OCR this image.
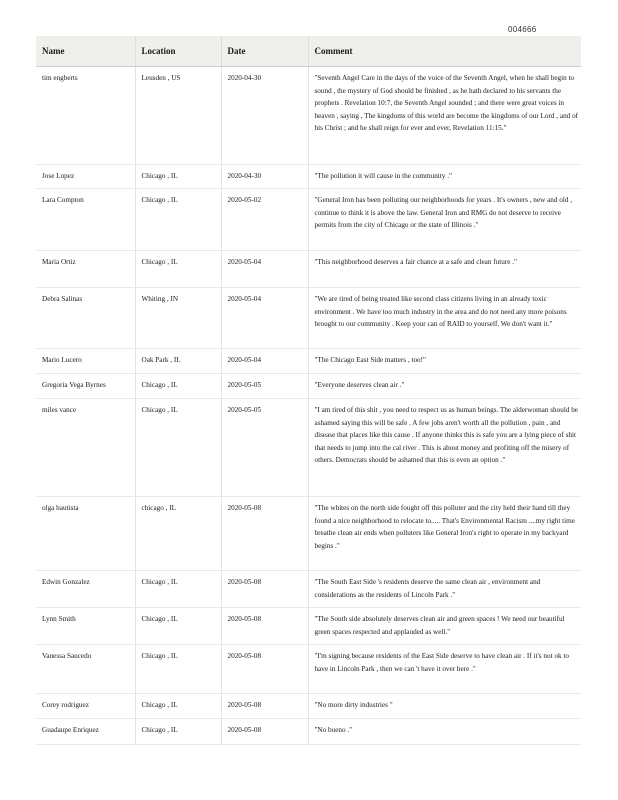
004666
Name	Location	Date	Comment
tim engberts	Leusden , US	2020-04-30	"Seventh Angel Care in the days of the voice of the Seventh Angel, when he shall begin to sound , the mystery of God should be finished , as he hath declared to his servants the prophets . Revelation 10:7, the Seventh Angel sounded ; and there were great voices in heaven , saying , The kingdoms of this world are become the kingdoms of our Lord , and of his Christ ; and he shall reign for ever and ever, Revelation 11:15."

Jose Lopez	Chicago , IL	2020-04-30	"The pollution it will cause in the community ."

Lara Compton	Chicago , IL	2020-05-02	"General Iron has been polluting our neighborhoods for years . It's owners , new and old , continue to think it is above the law. General Iron and RMG do not deserve to receive permits from the city of Chicago or the state of Illinois ."

Maria Ortiz	Chicago , IL	2020-05-04	"This neighborhood deserves a fair chance at a safe and clean future ."

Debra Salinas	Whiting , IN	2020-05-04	"We are tired of being treated like second class citizens living in an already toxic environment . We have too much industry in the area and do not need any more poisons brought to our community . Keep your can of RAID to yourself. We don't want it."

Mario Lucero	Oak Park , IL	2020-05-04	"The Chicago East Side matters , too!"

Gregoria Vega Byrnes	Chicago , IL	2020-05-05	"Everyone deserves clean air ."

miles vance	Chicago , IL	2020-05-05	"I am tired of this shit , you need to respect us as human beings. The alderwoman should be ashamed saying this will be safe . A few jobs aren't worth all the pollution , pain , and disease that places like this cause . If anyone thinks this is safe you are a lying piece of shit that needs to jump into the cal river . This is about money and profiting off the misery of others. Democrats should be ashamed that this is even an option ."

olga bautista	chicago , IL	2020-05-08	"The whites on the north side fought off this polluter and the city held their hand till they found a nice neighborhood to relocate to..... That's Environmental Racism ....my right time breathe clean air ends when polluters like General Iron's right to operate in my backyard begins ."

Edwin Gonzalez	Chicago , IL	2020-05-08	"The South East Side 's residents deserve the same clean air , environment and considerations as the residents of Lincoln Park ."

Lynn Smith	Chicago , IL	2020-05-08	"The South side absolutely deserves clean air and green spaces ! We need our beautiful green spaces respected and applauded as well."

Vanessa Saucedo	Chicago , IL	2020-05-08	"I'm signing because residents of the East Side deserve to have clean air . If it's not ok to have in Lincoln Park , then we can 't have it over here ."

Corey rodriguez	Chicago , IL	2020-05-08	"No more dirty industries "

Guadaupe Enriquez	Chicago , IL	2020-05-08	"No bueno ."
